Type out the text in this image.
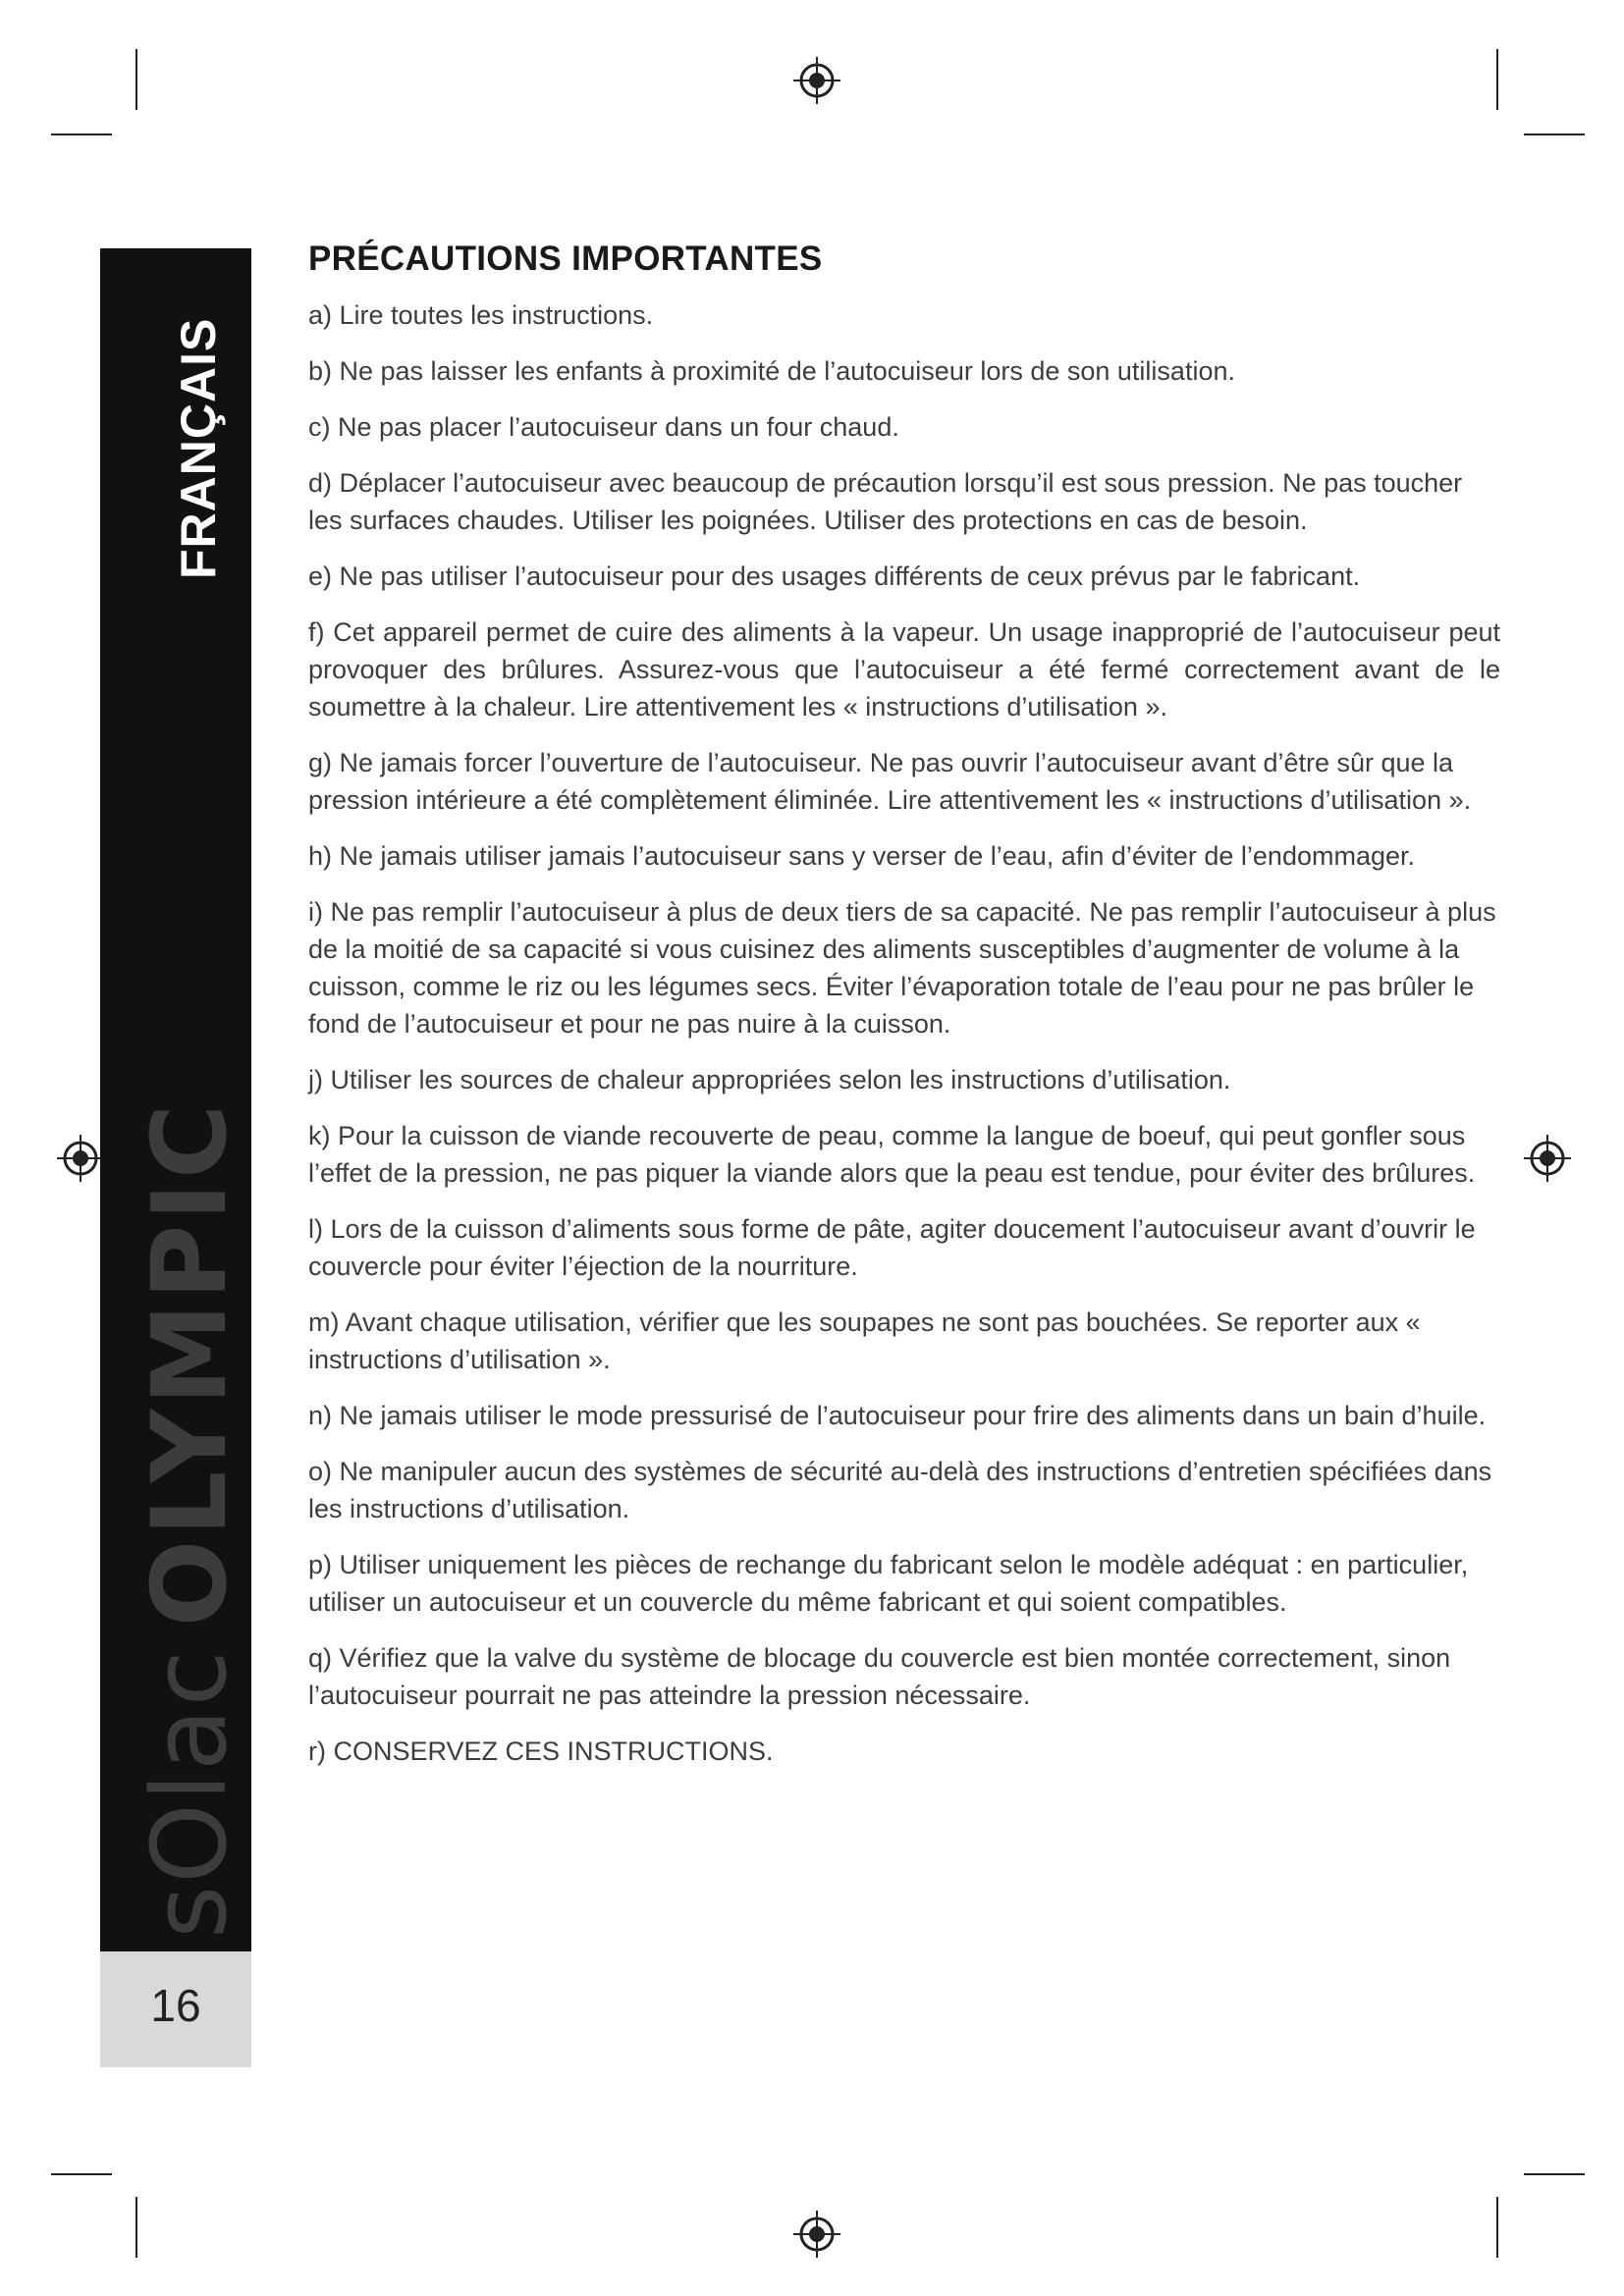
FRANÇAIS
sOlacOLYMPIC
16
PRÉCAUTIONS IMPORTANTES
a) Lire toutes les instructions.
b) Ne pas laisser les enfants à proximité de l’autocuiseur lors de son utilisation.
c) Ne pas placer l’autocuiseur dans un four chaud.
d) Déplacer l’autocuiseur avec beaucoup de précaution lorsqu’il est sous pression. Ne pas toucher les surfaces chaudes. Utiliser les poignées. Utiliser des protections en cas de besoin.
e) Ne pas utiliser l’autocuiseur pour des usages différents de ceux prévus par le fabricant.
f) Cet appareil permet de cuire des aliments à la vapeur. Un usage inapproprié de l’autocuiseur peut provoquer des brûlures. Assurez-vous que l’autocuiseur a été fermé correctement avant de le soumettre à la chaleur. Lire attentivement les « instructions d’utilisation ».
g) Ne jamais forcer l’ouverture de l’autocuiseur. Ne pas ouvrir l’autocuiseur avant d’être sûr que la pression intérieure a été complètement éliminée. Lire attentivement les « instructions d’utilisation ».
h) Ne jamais utiliser jamais l’autocuiseur sans y verser de l’eau, afin d’éviter de l’endommager.
i) Ne pas remplir l’autocuiseur à plus de deux tiers de sa capacité. Ne pas remplir l’autocuiseur à plus de la moitié de sa capacité si vous cuisinez des aliments susceptibles d’augmenter de volume à la cuisson, comme le riz ou les légumes secs. Éviter l’évaporation totale de l’eau pour ne pas brûler le fond de l’autocuiseur et pour ne pas nuire à la cuisson.
j) Utiliser les sources de chaleur appropriées selon les instructions d’utilisation.
k) Pour la cuisson de viande recouverte de peau, comme la langue de boeuf, qui peut gonfler sous l’effet de la pression, ne pas piquer la viande alors que la peau est tendue, pour éviter des brûlures.
l) Lors de la cuisson d’aliments sous forme de pâte, agiter doucement l’autocuiseur avant d’ouvrir le couvercle pour éviter l’éjection de la nourriture.
m) Avant chaque utilisation, vérifier que les soupapes ne sont pas bouchées. Se reporter aux « instructions d’utilisation ».
n) Ne jamais utiliser le mode pressurisé de l’autocuiseur pour frire des aliments dans un bain d’huile.
o) Ne manipuler aucun des systèmes de sécurité au-delà des instructions d’entretien spécifiées dans les instructions d’utilisation.
p) Utiliser uniquement les pièces de rechange du fabricant selon le modèle adéquat : en particulier, utiliser un autocuiseur et un couvercle du même fabricant et qui soient compatibles.
q) Vérifiez que la valve du système de blocage du couvercle est bien montée correctement, sinon l’autocuiseur pourrait ne pas atteindre la pression nécessaire.
r) CONSERVEZ CES INSTRUCTIONS.
